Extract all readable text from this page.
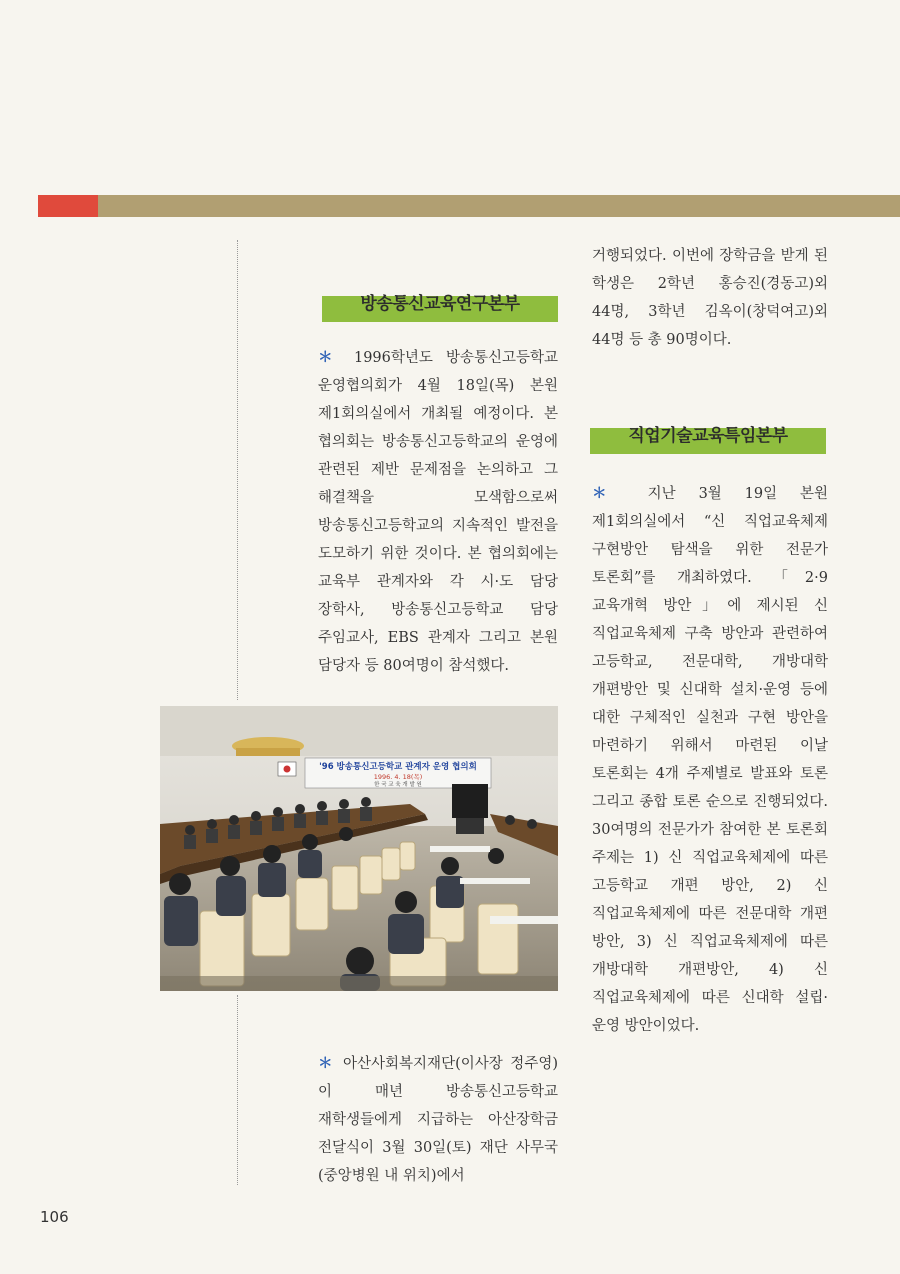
방송통신교육연구본부
＊ 1996학년도 방송통신고등학교 운영협의회가 4월 18일(목) 본원 제1회의실에서 개최될 예정이다. 본 협의회는 방송통신고등학교의 운영에 관련된 제반 문제점을 논의하고 그 해결책을 모색함으로써 방송통신고등학교의 지속적인 발전을 도모하기 위한 것이다. 본 협의회에는 교육부 관계자와 각 시·도 담당 장학사, 방송통신고등학교 담당 주임교사, EBS 관계자 그리고 본원 담당자 등 80여명이 참석했다.
'96 방송통신고등학교 관계자 운영 협의회
1996. 4. 18(목)
한 국 교 육 개 발 원
＊ 아산사회복지재단(이사장 정주영)이 매년 방송통신고등학교 재학생들에게 지급하는 아산장학금 전달식이 3월 30일(토) 재단 사무국(중앙병원 내 위치)에서
거행되었다. 이번에 장학금을 받게 된 학생은 2학년 홍승진(경동고)외 44명, 3학년 김옥이(창덕여고)외 44명 등 총 90명이다.
직업기술교육특임본부
＊ 지난 3월 19일 본원 제1회의실에서 “신 직업교육체제 구현방안 탐색을 위한 전문가 토론회”를 개최하였다. 「2·9 교육개혁 방안」에 제시된 신 직업교육체제 구축 방안과 관련하여 고등학교, 전문대학, 개방대학 개편방안 및 신대학 설치·운영 등에 대한 구체적인 실천과 구현 방안을 마련하기 위해서 마련된 이날 토론회는 4개 주제별로 발표와 토론 그리고 종합 토론 순으로 진행되었다. 30여명의 전문가가 참여한 본 토론회 주제는 1) 신 직업교육체제에 따른 고등학교 개편 방안, 2) 신 직업교육체제에 따른 전문대학 개편 방안, 3) 신 직업교육체제에 따른 개방대학 개편방안, 4) 신 직업교육체제에 따른 신대학 설립·운영 방안이었다.
106
